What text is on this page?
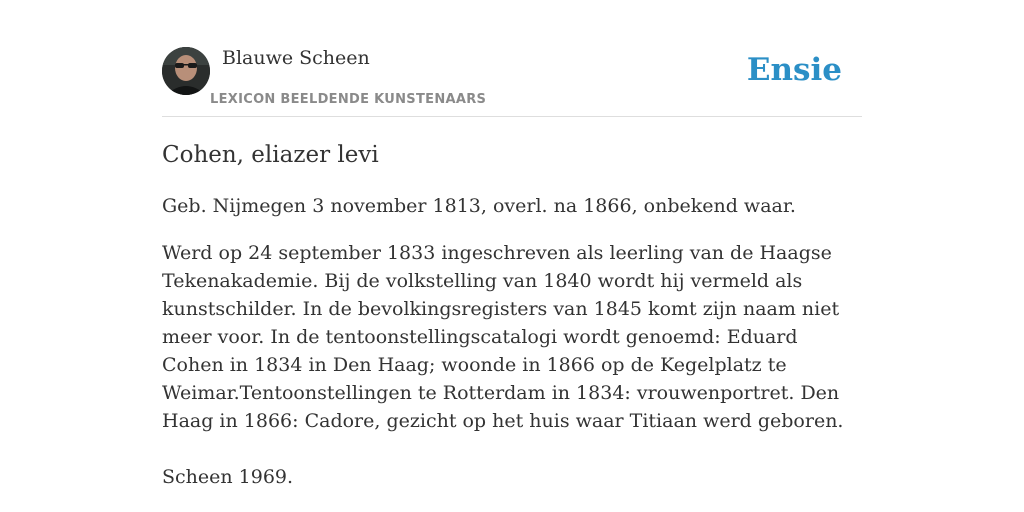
Blauwe Scheen
LEXICON BEELDENDE KUNSTENAARS
Ensie
Cohen, eliazer levi

Geb. Nijmegen 3 november 1813, overl. na 1866, onbekend waar.

Werd op 24 september 1833 ingeschreven als leerling van de Haagse Tekenakademie. Bij de volkstelling van 1840 wordt hij vermeld als kunstschilder. In de bevolkingsregisters van 1845 komt zijn naam niet meer voor. In de tentoonstellingscatalogi wordt genoemd: Eduard Cohen in 1834 in Den Haag; woonde in 1866 op de Kegelplatz te Weimar.Tentoonstellingen te Rotterdam in 1834: vrouwenportret. Den Haag in 1866: Cadore, gezicht op het huis waar Titiaan werd geboren.

Scheen 1969.
